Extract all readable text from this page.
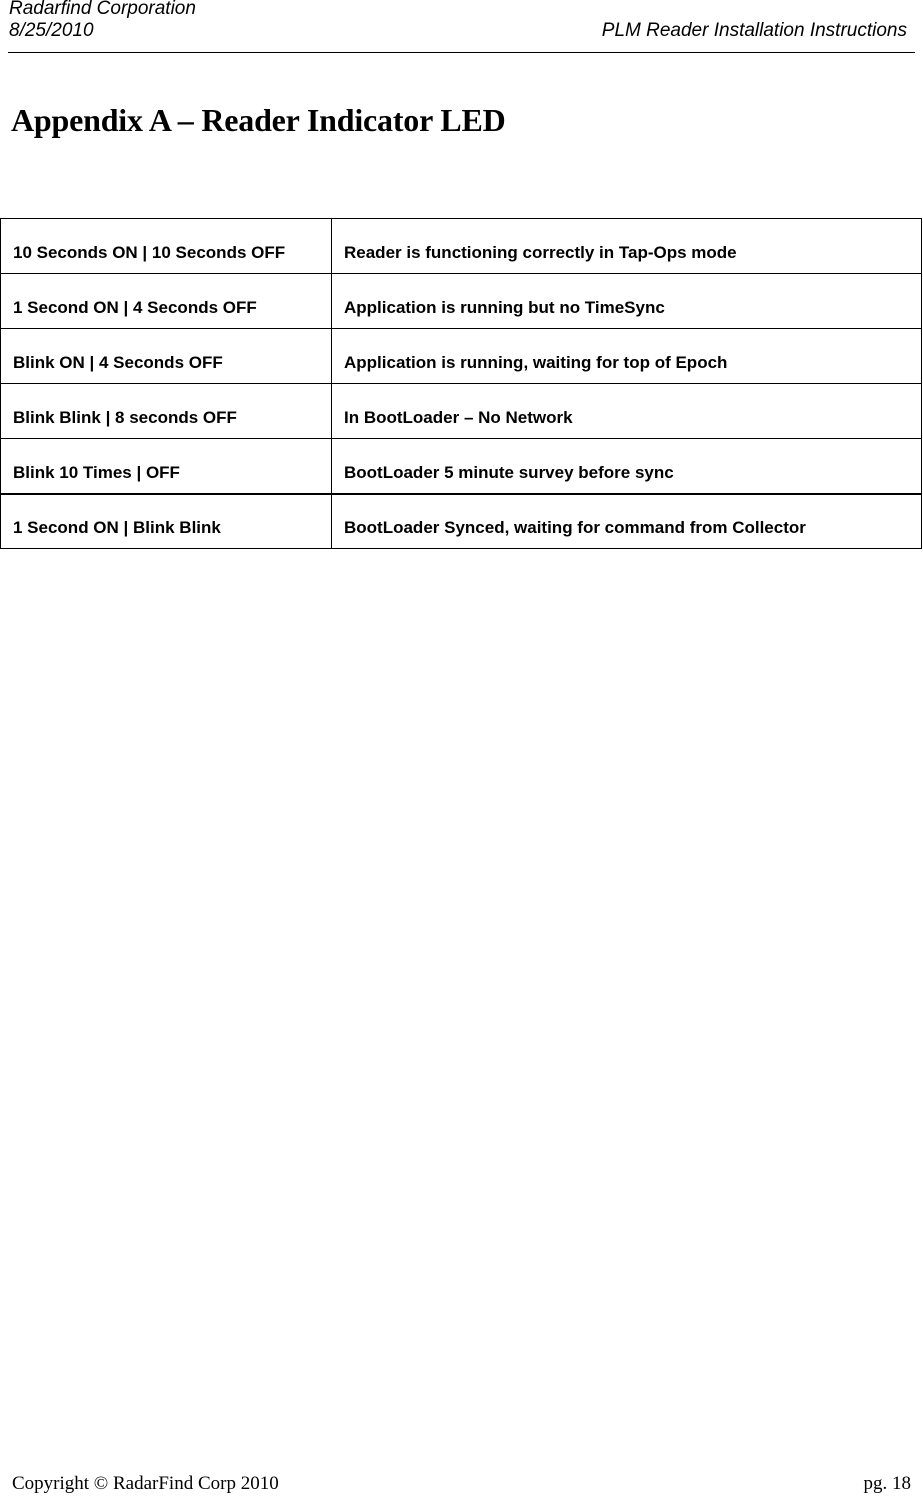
Radarfind Corporation
8/25/2010	PLM Reader Installation Instructions
Appendix A – Reader Indicator LED
10 Seconds ON | 10 Seconds OFF	Reader is functioning correctly in Tap-Ops mode
1 Second ON | 4 Seconds OFF	Application is running but no TimeSync
Blink ON | 4 Seconds OFF	Application is running, waiting for top of Epoch
Blink Blink | 8 seconds OFF	In BootLoader – No Network
Blink 10 Times | OFF	BootLoader 5 minute survey before sync
1 Second ON | Blink Blink	BootLoader Synced, waiting for command from Collector
Copyright © RadarFind Corp 2010	pg. 18
